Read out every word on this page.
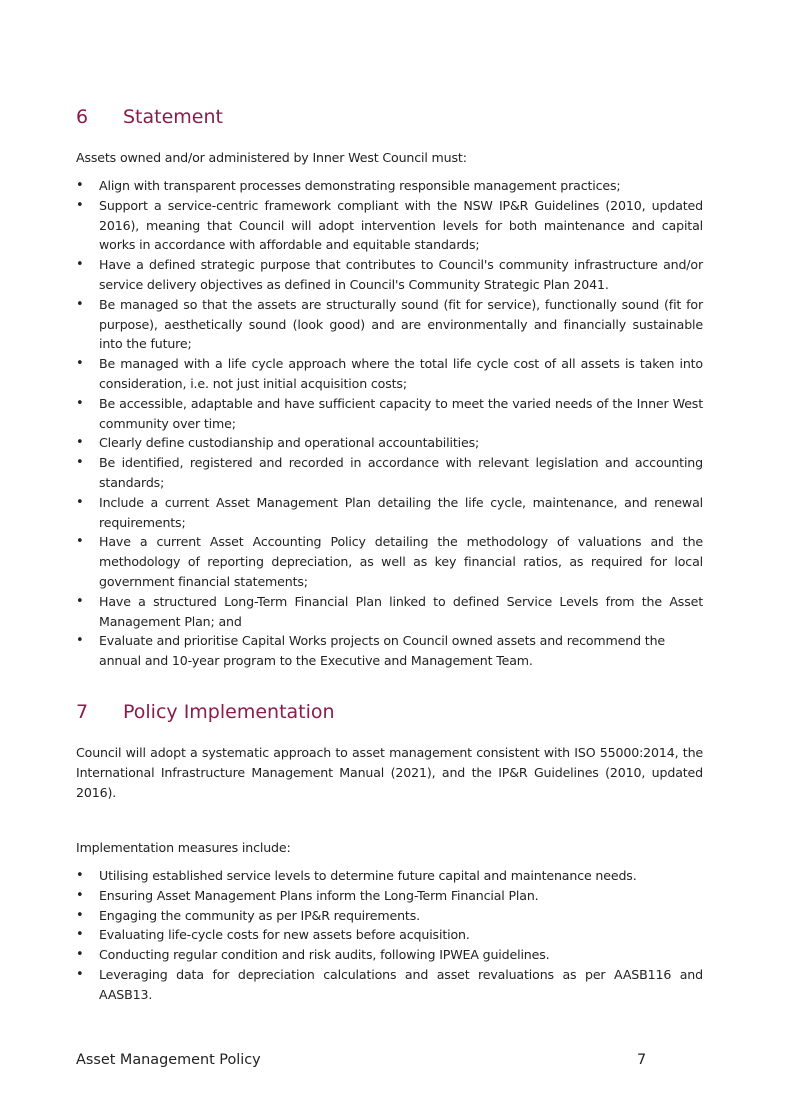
6 Statement

Assets owned and/or administered by Inner West Council must:

• Align with transparent processes demonstrating responsible management practices;
• Support a service-centric framework compliant with the NSW IP&R Guidelines (2010, updated 2016), meaning that Council will adopt intervention levels for both maintenance and capital works in accordance with affordable and equitable standards;
• Have a defined strategic purpose that contributes to Council's community infrastructure and/or service delivery objectives as defined in Council's Community Strategic Plan 2041.
• Be managed so that the assets are structurally sound (fit for service), functionally sound (fit for purpose), aesthetically sound (look good) and are environmentally and financially sustainable into the future;
• Be managed with a life cycle approach where the total life cycle cost of all assets is taken into consideration, i.e. not just initial acquisition costs;
• Be accessible, adaptable and have sufficient capacity to meet the varied needs of the Inner West community over time;
• Clearly define custodianship and operational accountabilities;
• Be identified, registered and recorded in accordance with relevant legislation and accounting standards;
• Include a current Asset Management Plan detailing the life cycle, maintenance, and renewal requirements;
• Have a current Asset Accounting Policy detailing the methodology of valuations and the methodology of reporting depreciation, as well as key financial ratios, as required for local government financial statements;
• Have a structured Long-Term Financial Plan linked to defined Service Levels from the Asset Management Plan; and
• Evaluate and prioritise Capital Works projects on Council owned assets and recommend the annual and 10-year program to the Executive and Management Team.
7 Policy Implementation

Council will adopt a systematic approach to asset management consistent with ISO 55000:2014, the International Infrastructure Management Manual (2021), and the IP&R Guidelines (2010, updated 2016).

Implementation measures include:

• Utilising established service levels to determine future capital and maintenance needs.
• Ensuring Asset Management Plans inform the Long-Term Financial Plan.
• Engaging the community as per IP&R requirements.
• Evaluating life-cycle costs for new assets before acquisition.
• Conducting regular condition and risk audits, following IPWEA guidelines.
• Leveraging data for depreciation calculations and asset revaluations as per AASB116 and AASB13.
Asset Management Policy	7
